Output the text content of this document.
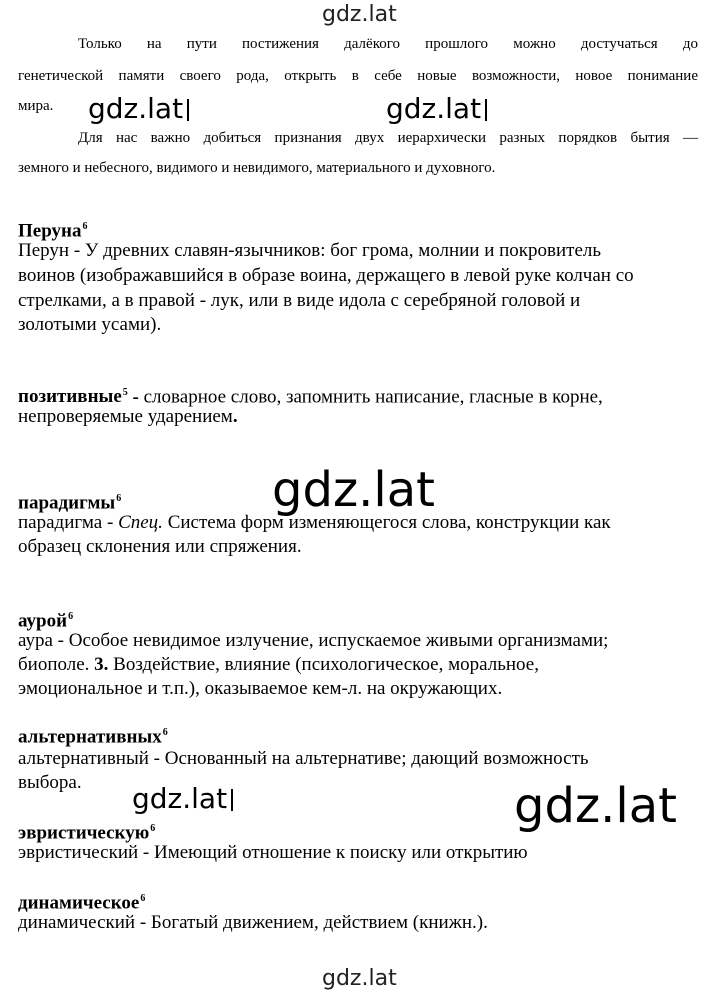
gdz.lat
Только на пути постижения далёкого прошлого можно достучаться до
генетической памяти своего рода, открыть в себе новые возможности, новое понимание
мира. gdz.lat	gdz.lat
Для нас важно добиться признания двух иерархически разных порядков бытия —
земного и небесного, видимого и невидимого, материального и духовного.
Перуна$^6$
Перун - У древних славян-язычников: бог грома, молнии и покровитель
воинов (изображавшийся в образе воина, держащего в левой руке колчан со
стрелками, а в правой - лук, или в виде идола с серебряной головой и
золотыми усами).
позитивные$^5$ - словарное слово, запомнить написание, гласные в корне,
непроверяемые ударением.
gdz.lat
парадигмы$^6$
парадигма - Спец. Система форм изменяющегося слова, конструкции как
образец склонения или спряжения.
аурой$^6$
аура - Особое невидимое излучение, испускаемое живыми организмами;
биополе. 3. Воздействие, влияние (психологическое, моральное,
эмоциональное и т.п.), оказываемое кем-л. на окружающих.
альтернативных$^6$
альтернативный - Основанный на альтернативе; дающий возможность
выбора. gdz.lat	gdz.lat
эвристическую$^6$
эвристический - Имеющий отношение к поиску или открытию
динамическое$^6$
динамический - Богатый движением, действием (книжн.).
gdz.lat
